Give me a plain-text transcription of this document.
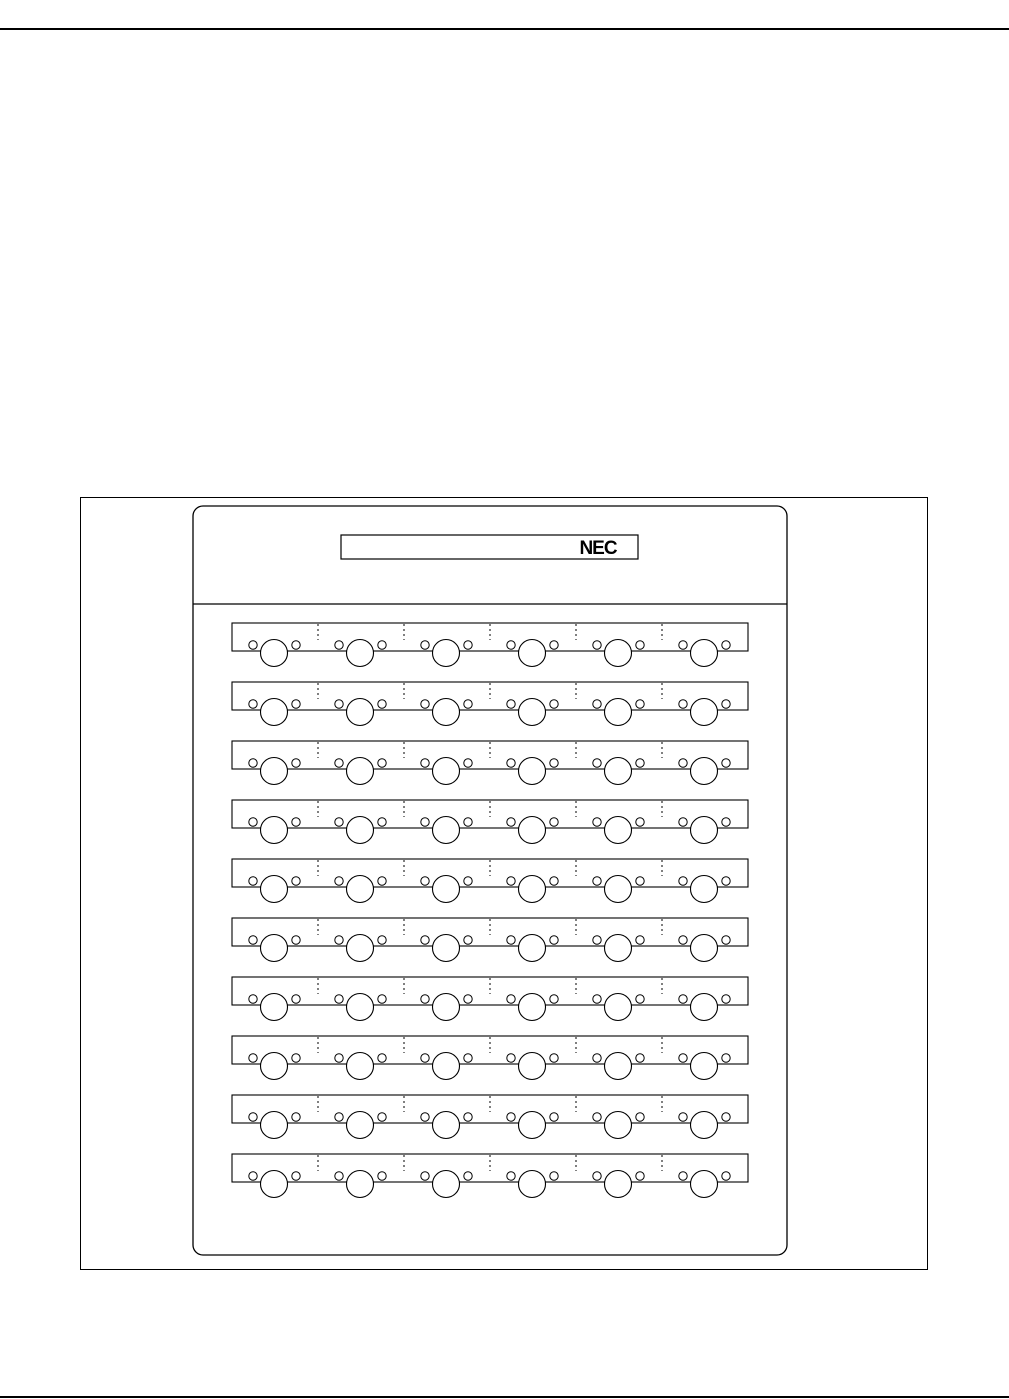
NEC
